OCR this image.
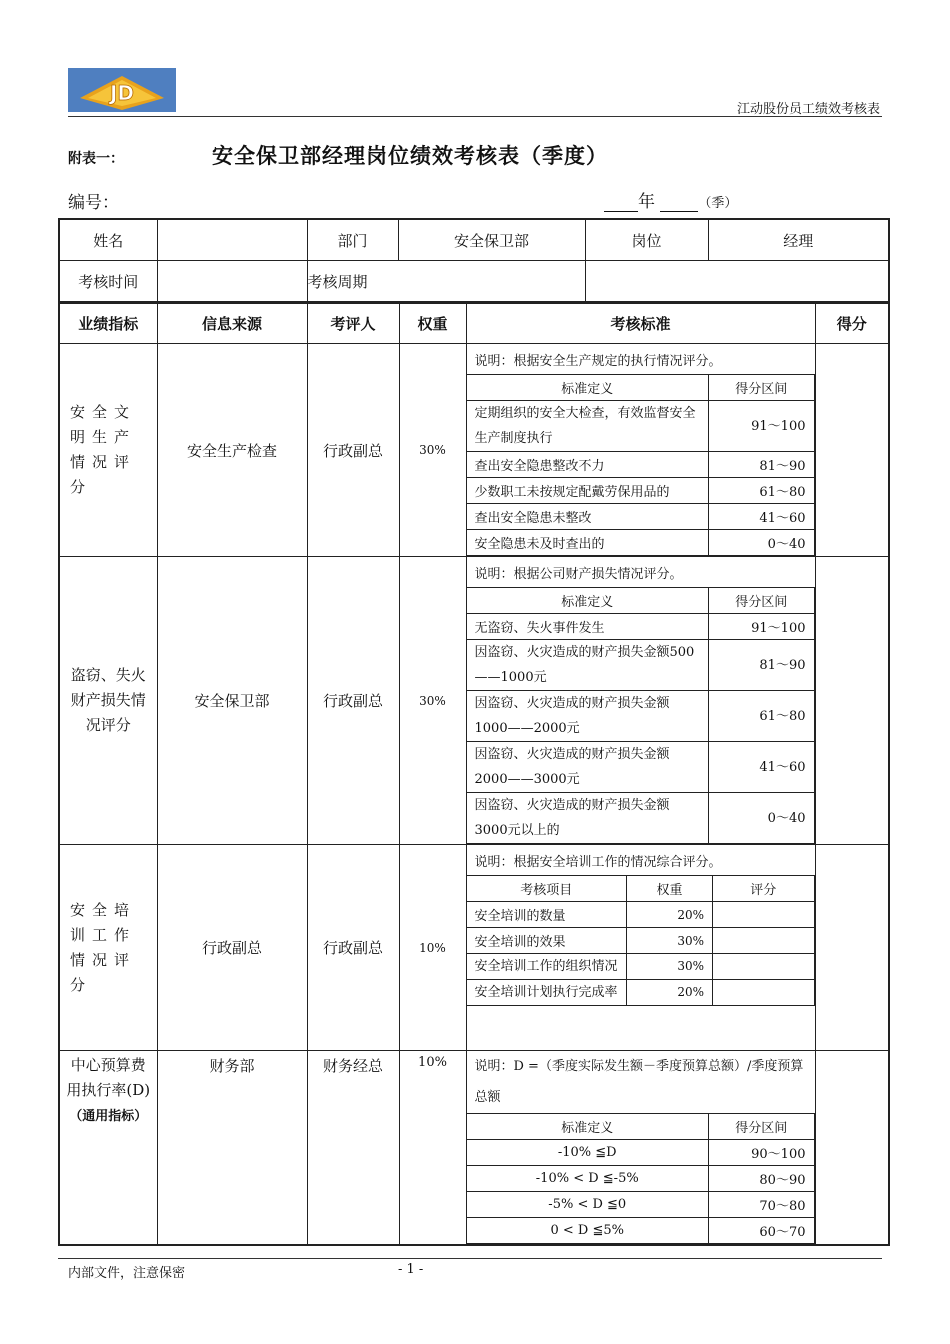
JD
江动股份员工绩效考核表
附表一：	安全保卫部经理岗位绩效考核表（季度）
编号：	年	（季）
姓名		部门	安全保卫部	岗位	经理
考核时间		考核周期			
业绩指标	信息来源	考评人	权重	考核标准	得分
安全文明生产情况评分	安全生产检查	行政副总	30%	
说明：根据安全生产规定的执行情况评分。
标准定义	得分区间
定期组织的安全大检查，有效监督安全生产制度执行	91～100
查出安全隐患整改不力	81～90
少数职工未按规定配戴劳保用品的	61～80
查出安全隐患未整改	41～60
安全隐患未及时查出的	0～40

盗窃、失火财产损失情况评分	安全保卫部	行政副总	30%	
说明：根据公司财产损失情况评分。
标准定义	得分区间
无盗窃、失火事件发生	91～100
因盗窃、火灾造成的财产损失金额500——1000元	81～90
因盗窃、火灾造成的财产损失金额1000——2000元	61～80
因盗窃、火灾造成的财产损失金额2000——3000元	41～60
因盗窃、火灾造成的财产损失金额3000元以上的	0～40

安全培训工作情况评分	行政副总	行政副总	10%	
说明：根据安全培训工作的情况综合评分。
考核项目	权重	评分
安全培训的数量	20%	
安全培训的效果	30%	
安全培训工作的组织情况	30%	
安全培训计划执行完成率	20%	

中心预算费用执行率(D)
（通用指标）	财务部	财务经总	10%	说明：D =（季度实际发生额－季度预算总额）/季度预算总额
标准定义	得分区间
-10% ≦D	90～100
-10% < D ≦-5%	80～90
-5% < D ≦0	70～80
0 < D ≦5%	60～70

内部文件，注意保密	- 1 -
